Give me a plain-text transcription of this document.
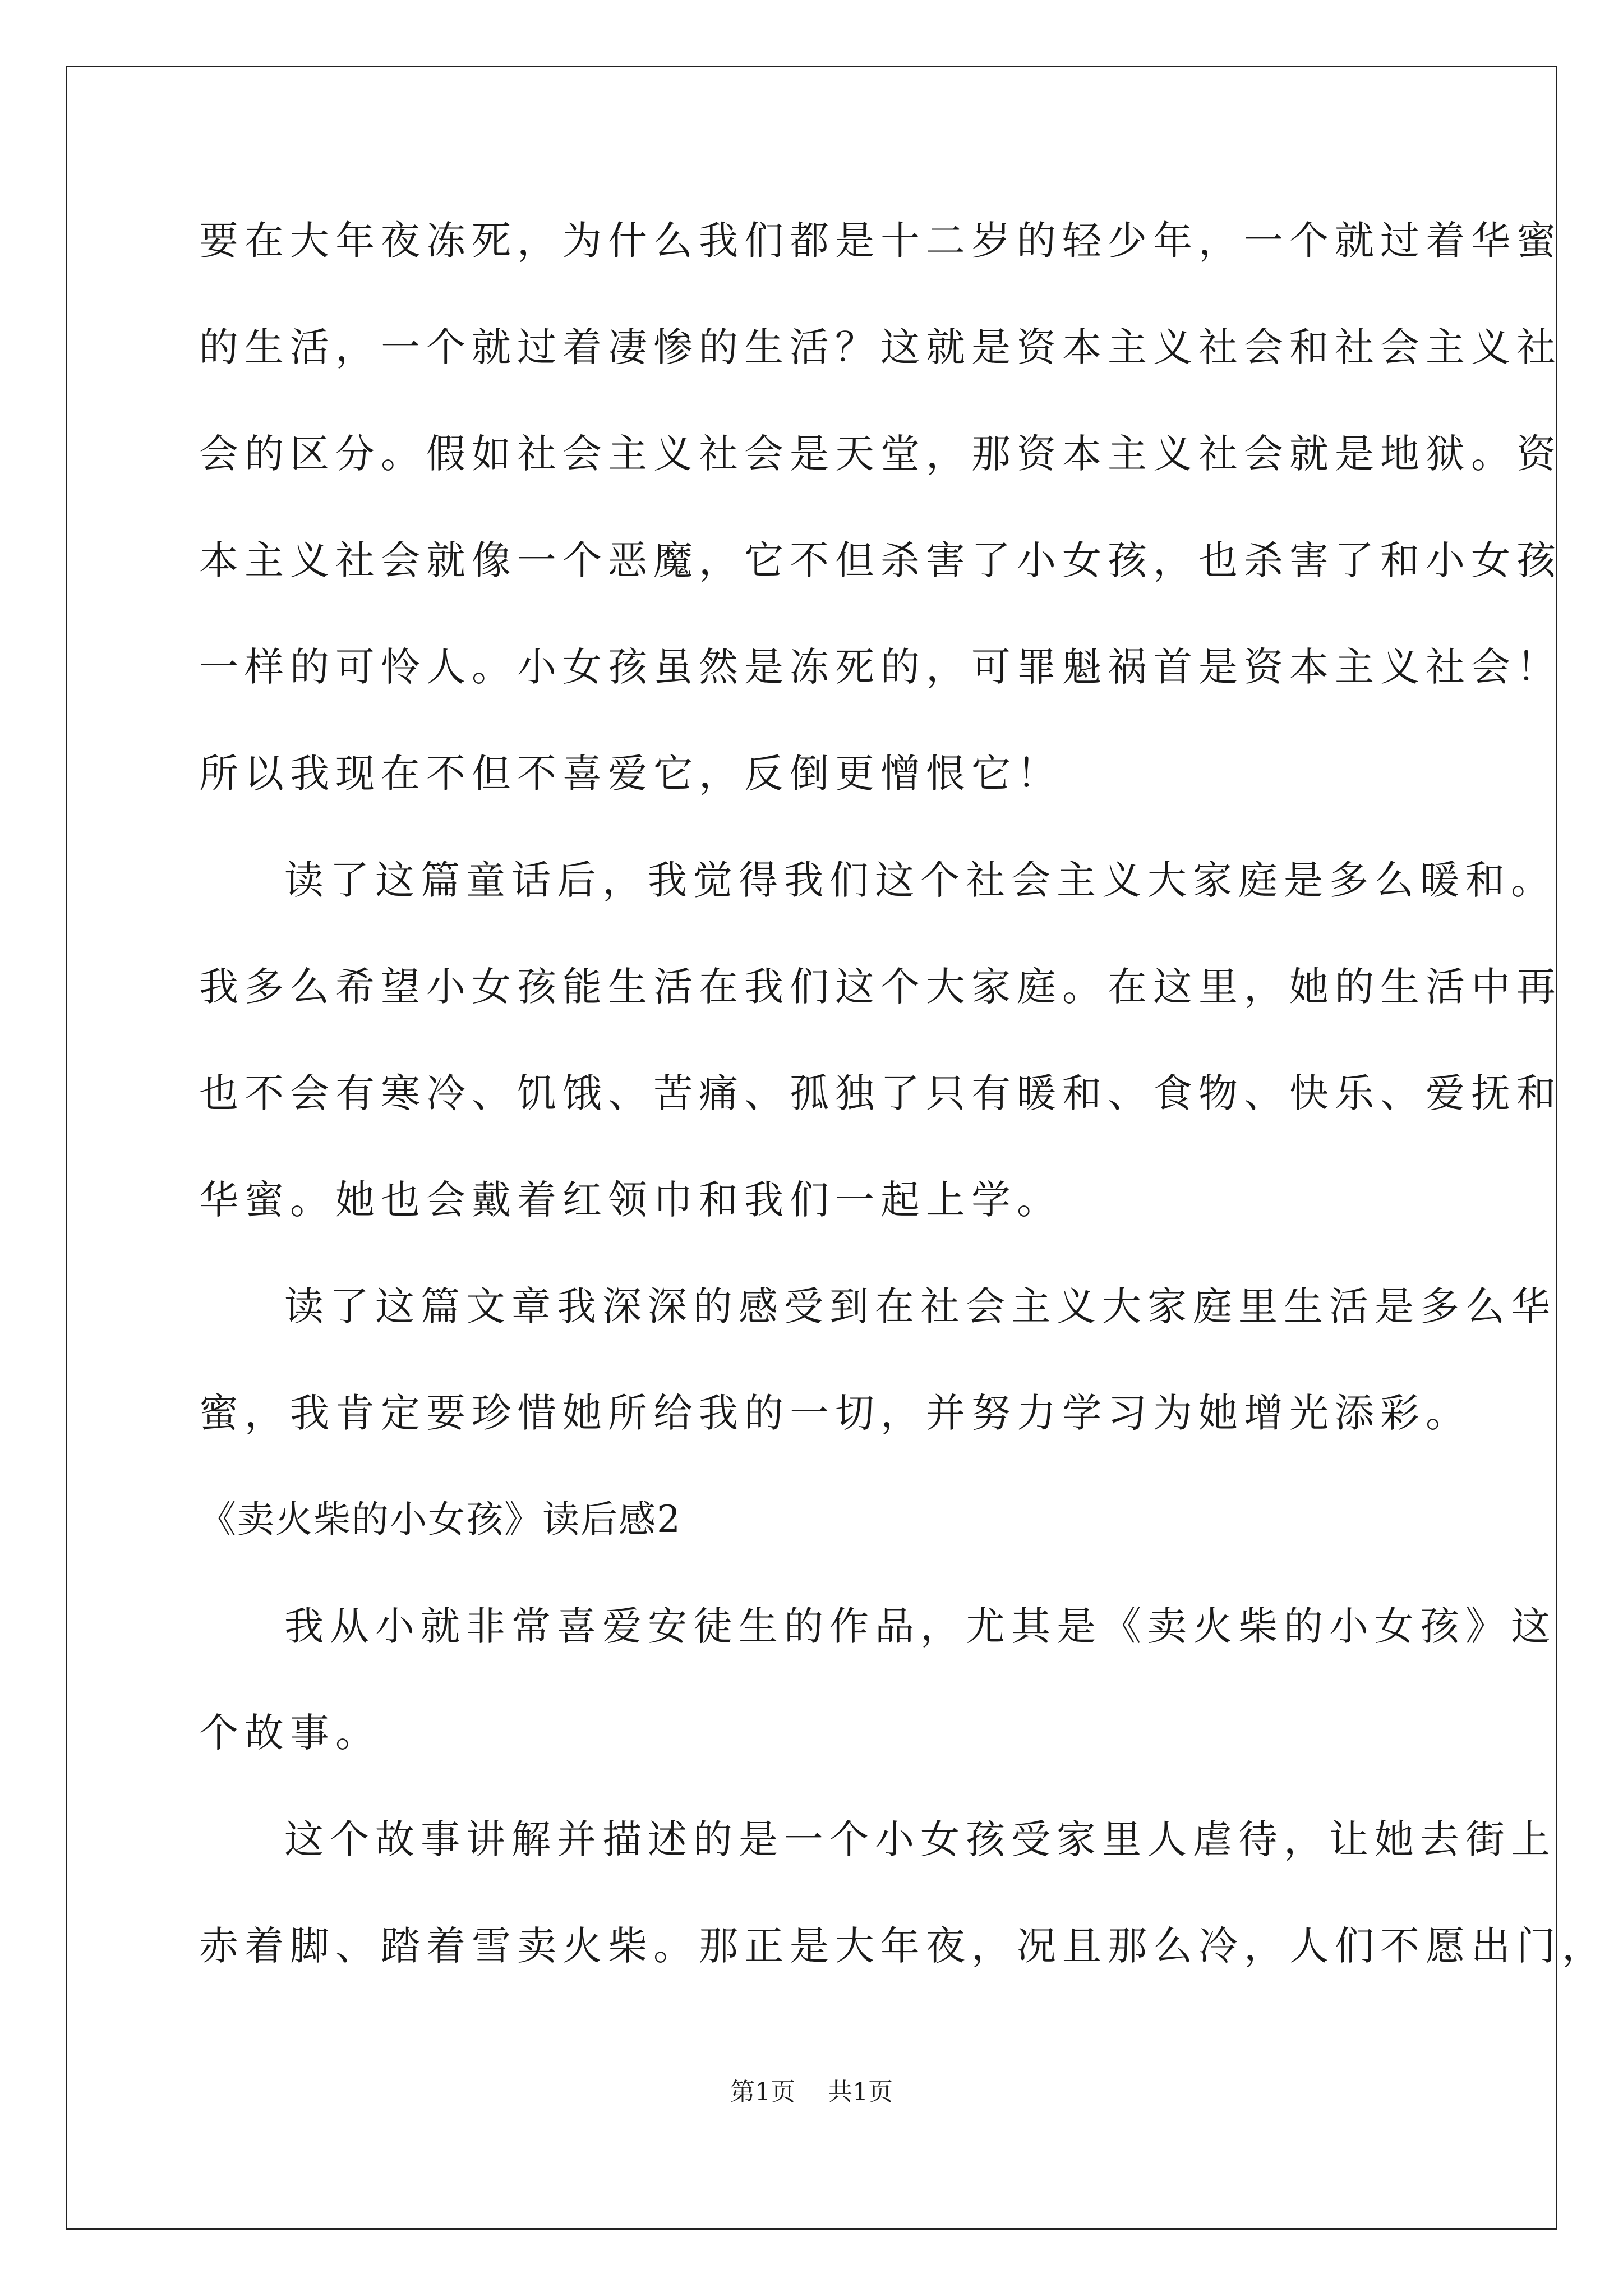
要在大年夜冻死，为什么我们都是十二岁的轻少年，一个就过着华蜜
的生活，一个就过着凄惨的生活？这就是资本主义社会和社会主义社
会的区分。假如社会主义社会是天堂，那资本主义社会就是地狱。资
本主义社会就像一个恶魔，它不但杀害了小女孩，也杀害了和小女孩
一样的可怜人。小女孩虽然是冻死的，可罪魁祸首是资本主义社会！
所以我现在不但不喜爱它，反倒更憎恨它！
读了这篇童话后，我觉得我们这个社会主义大家庭是多么暖和。
我多么希望小女孩能生活在我们这个大家庭。在这里，她的生活中再
也不会有寒冷、饥饿、苦痛、孤独了只有暖和、食物、快乐、爱抚和
华蜜。她也会戴着红领巾和我们一起上学。
读了这篇文章我深深的感受到在社会主义大家庭里生活是多么华
蜜，我肯定要珍惜她所给我的一切，并努力学习为她增光添彩。
《卖火柴的小女孩》读后感2
我从小就非常喜爱安徒生的作品，尤其是《卖火柴的小女孩》这
个故事。
这个故事讲解并描述的是一个小女孩受家里人虐待，让她去街上
赤着脚、踏着雪卖火柴。那正是大年夜，况且那么冷，人们不愿出门，
第1页 共1页
